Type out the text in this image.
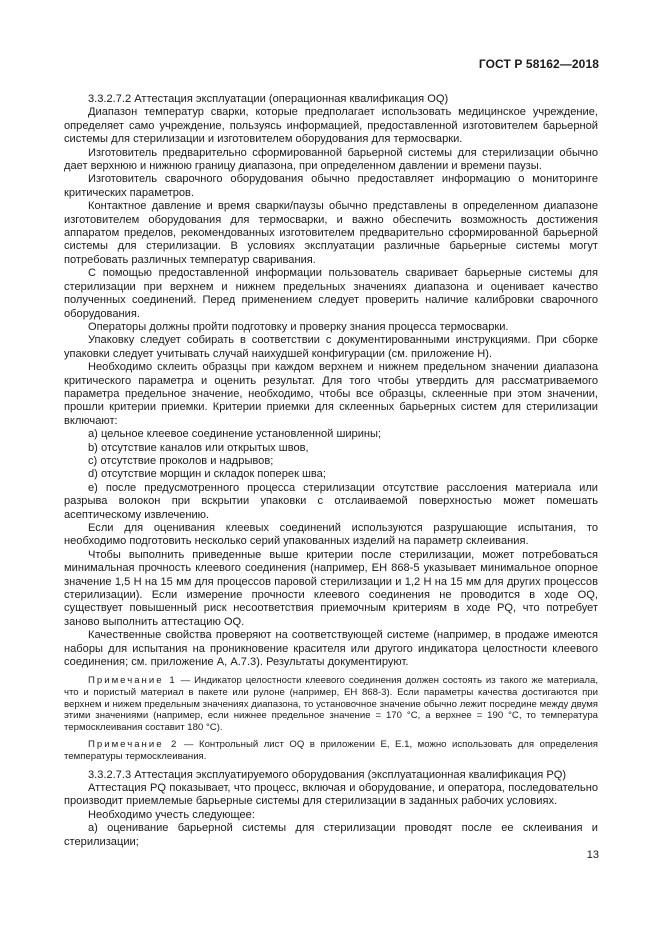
ГОСТ Р 58162—2018

3.3.2.7.2 Аттестация эксплуатации (операционная квалификация OQ)

Диапазон температур сварки, которые предполагает использовать медицинское учреждение, определяет само учреждение, пользуясь информацией, предоставленной изготовителем барьерной системы для стерилизации и изготовителем оборудования для термосварки.

Изготовитель предварительно сформированной барьерной системы для стерилизации обычно дает верхнюю и нижнюю границу диапазона, при определенном давлении и времени паузы.

Изготовитель сварочного оборудования обычно предоставляет информацию о мониторинге критических параметров.

Контактное давление и время сварки/паузы обычно представлены в определенном диапазоне изготовителем оборудования для термосварки, и важно обеспечить возможность достижения аппаратом пределов, рекомендованных изготовителем предварительно сформированной барьерной системы для стерилизации. В условиях эксплуатации различные барьерные системы могут потребовать различных температур сваривания.

С помощью предоставленной информации пользователь сваривает барьерные системы для стерилизации при верхнем и нижнем предельных значениях диапазона и оценивает качество полученных соединений. Перед применением следует проверить наличие калибровки сварочного оборудования.

Операторы должны пройти подготовку и проверку знания процесса термосварки.

Упаковку следует собирать в соответствии с документированными инструкциями. При сборке упаковки следует учитывать случай наихудшей конфигурации (см. приложение Н).

Необходимо склеить образцы при каждом верхнем и нижнем предельном значении диапазона критического параметра и оценить результат. Для того чтобы утвердить для рассматриваемого параметра предельное значение, необходимо, чтобы все образцы, склеенные при этом значении, прошли критерии приемки. Критерии приемки для склеенных барьерных систем для стерилизации включают:

а) цельное клеевое соединение установленной ширины;

b) отсутствие каналов или открытых швов,

c) отсутствие проколов и надрывов;

d) отсутствие морщин и складок поперек шва;

е) после предусмотренного процесса стерилизации отсутствие расслоения материала или разрыва волокон при вскрытии упаковки с отслаиваемой поверхностью может помешать асептическому извлечению.

Если для оценивания клеевых соединений используются разрушающие испытания, то необходимо подготовить несколько серий упакованных изделий на параметр склеивания.

Чтобы выполнить приведенные выше критерии после стерилизации, может потребоваться минимальная прочность клеевого соединения (например, ЕН 868-5 указывает минимальное опорное значение 1,5 Н на 15 мм для процессов паровой стерилизации и 1,2 Н на 15 мм для других процессов стерилизации). Если измерение прочности клеевого соединения не проводится в ходе OQ, существует повышенный риск несоответствия приемочным критериям в ходе PQ, что потребует заново выполнить аттестацию OQ.

Качественные свойства проверяют на соответствующей системе (например, в продаже имеются наборы для испытания на проникновение красителя или другого индикатора целостности клеевого соединения; см. приложение А, А.7.3). Результаты документируют.

Примечание 1 — Индикатор целостности клеевого соединения должен состоять из такого же материала, что и пористый материал в пакете или рулоне (например, ЕН 868-3). Если параметры качества достигаются при верхнем и нижем предельным значениях диапазона, то установочное значение обычно лежит посредине между двумя этими значениями (например, если нижнее предельное значение = 170 °C, а верхнее = 190 °C, то температура термосклеивания составит 180 °C).

Примечание 2 — Контрольный лист OQ в приложении Е, Е.1, можно использовать для определения температуры термосклеивания.

3.3.2.7.3 Аттестация эксплуатируемого оборудования (эксплуатационная квалификация PQ)

Аттестация PQ показывает, что процесс, включая и оборудование, и оператора, последовательно производит приемлемые барьерные системы для стерилизации в заданных рабочих условиях.

Необходимо учесть следующее:

а) оценивание барьерной системы для стерилизации проводят после ее склеивания и стерилизации;

13
